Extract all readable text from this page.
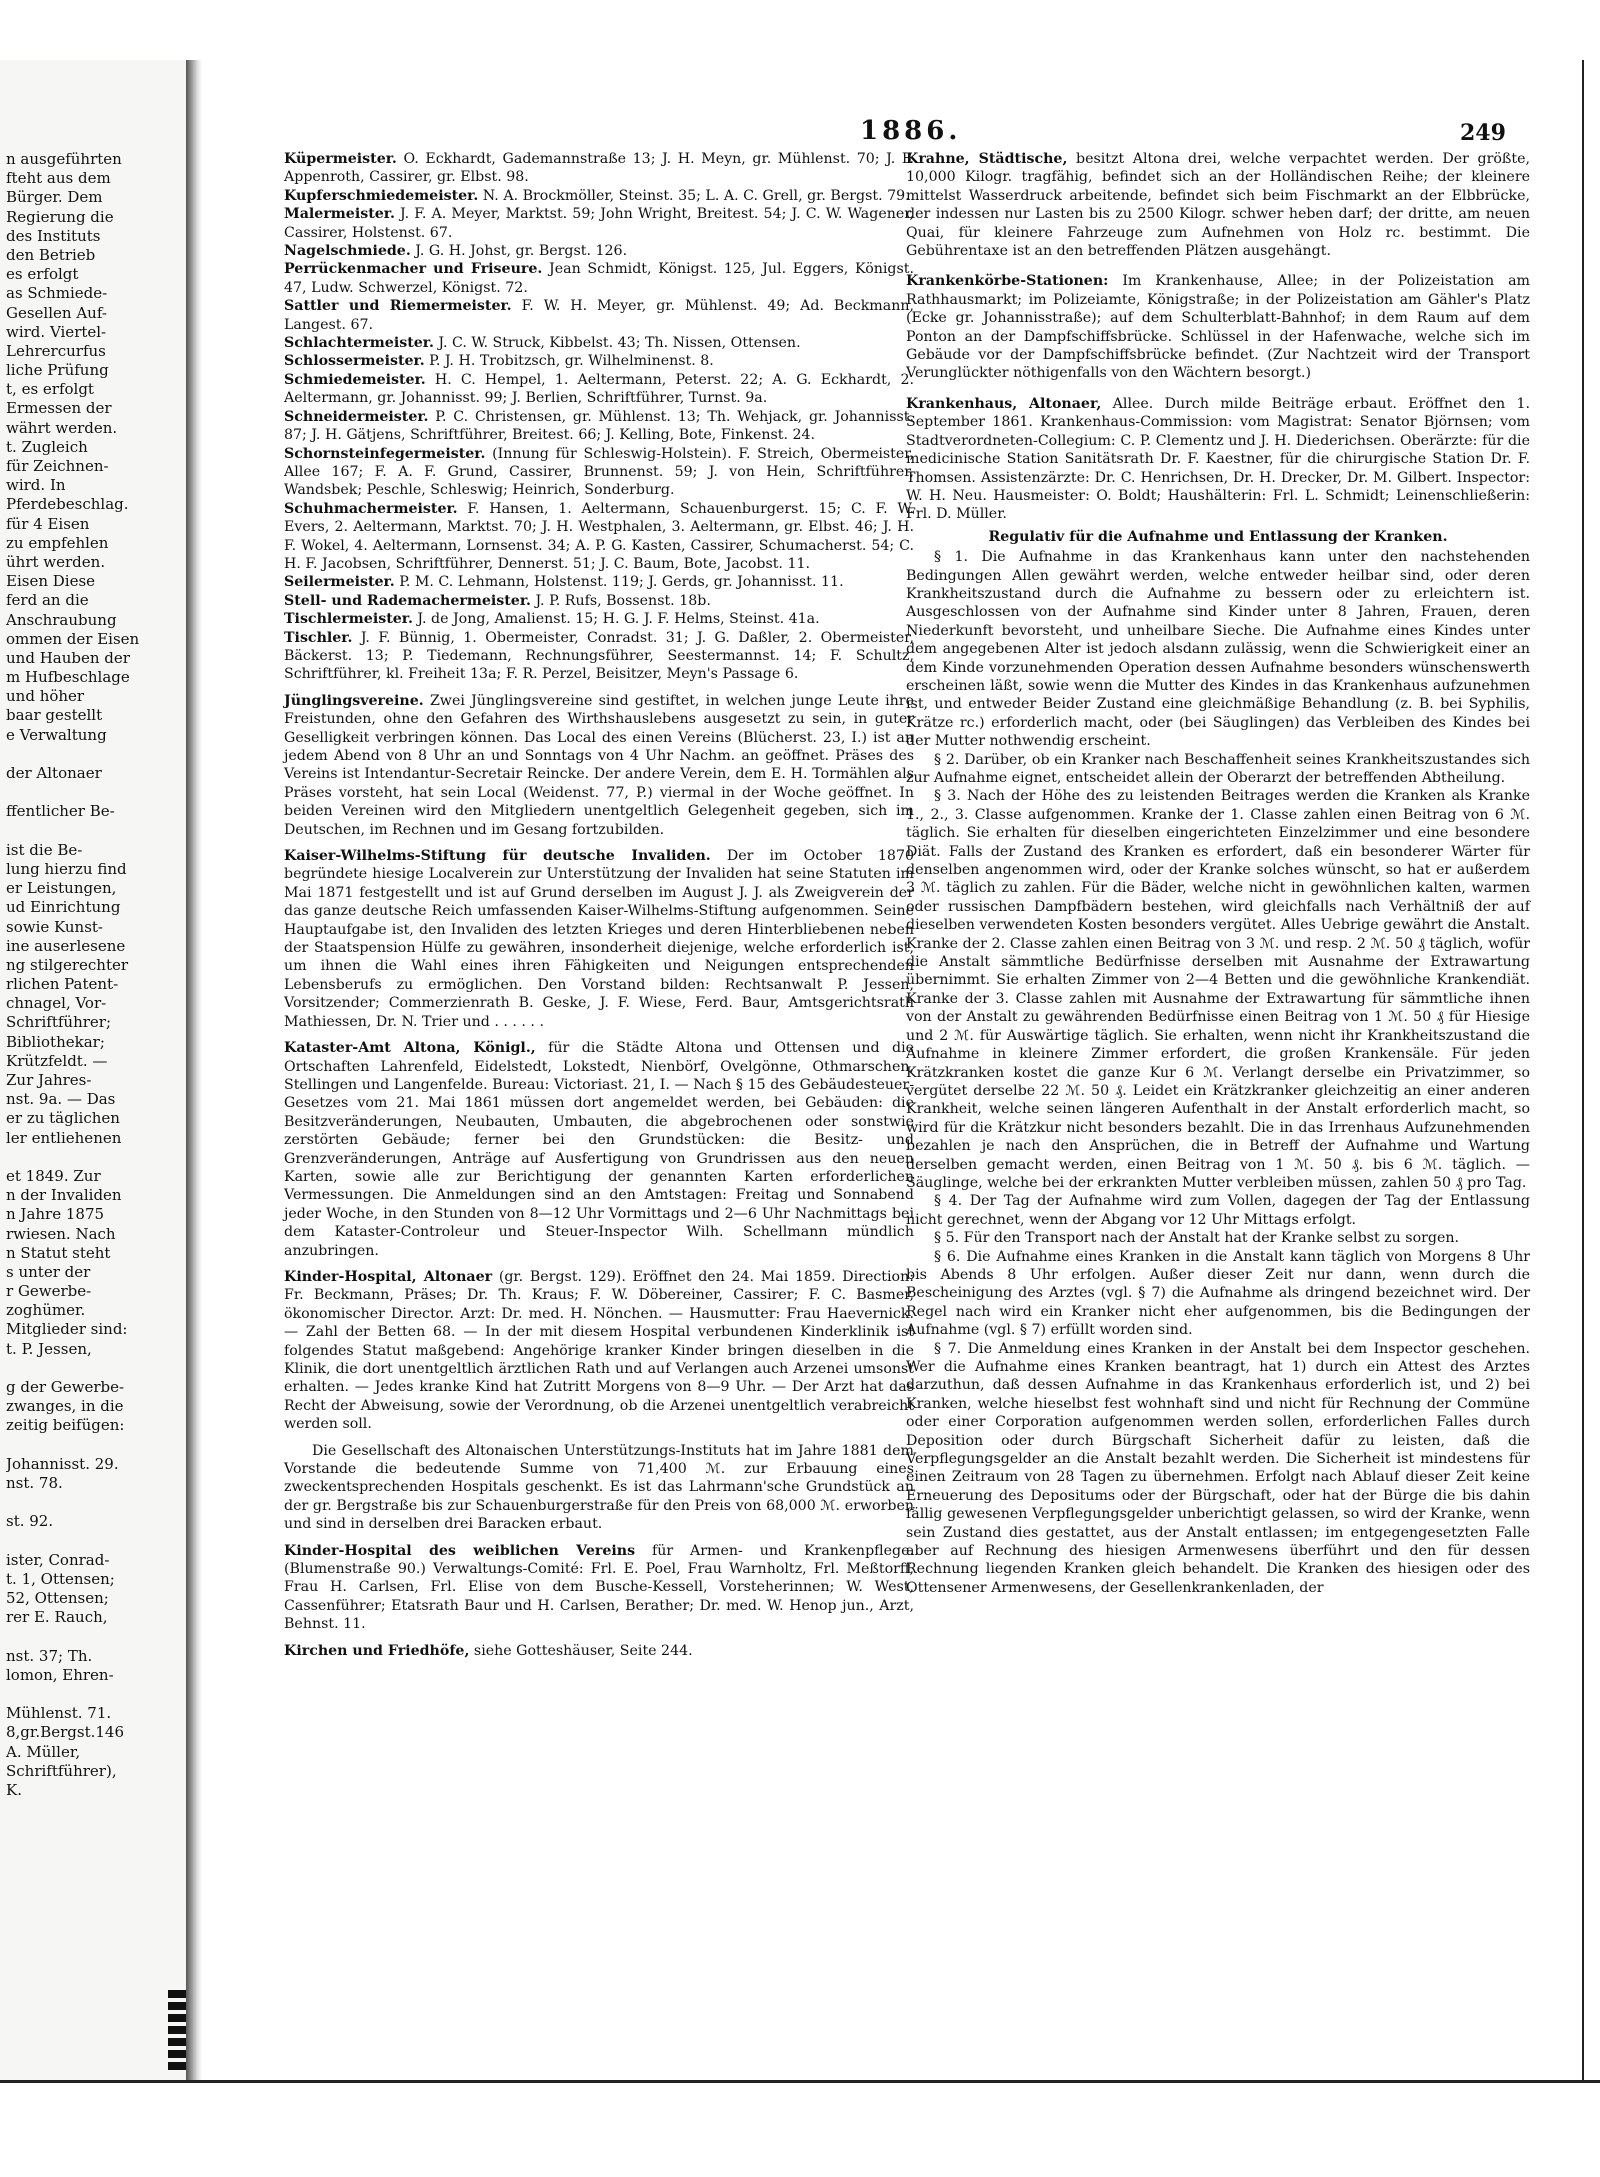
n ausgeführten
fteht aus dem
Bürger. Dem
Regierung die
des Instituts
den Betrieb
es erfolgt
as Schmiede-
Gesellen Auf-
wird. Viertel-
Lehrercurfus
liche Prüfung
t, es erfolgt
Ermessen der
währt werden.
t. Zugleich
für Zeichnen-
wird. In
Pferdebeschlag.
für 4 Eisen
zu empfehlen
ührt werden.
Eisen Diese
ferd an die
Anschraubung
ommen der Eisen
und Hauben der
m Hufbeschlage
und höher
baar gestellt
e Verwaltung
der Altonaer
ffentlicher Be-
ist die Be-
lung hierzu find
er Leistungen,
ud Einrichtung
sowie Kunst-
ine auserlesene
ng stilgerechter
rlichen Patent-
chnagel, Vor-
Schriftführer;
Bibliothekar;
Krützfeldt. —
Zur Jahres-
nst. 9a. — Das
er zu täglichen
ler entliehenen
et 1849. Zur
n der Invaliden
n Jahre 1875
rwiesen. Nach
n Statut steht
s unter der
r Gewerbe-
zoghümer.
Mitglieder sind:
t. P. Jessen,
g der Gewerbe-
zwanges, in die
zeitig beifügen:
Johannisst. 29.
nst. 78.
st. 92.
ister, Conrad-
t. 1, Ottensen;
52, Ottensen;
rer E. Rauch,
nst. 37; Th.
lomon, Ehren-
Mühlenst. 71.
8,gr.Bergst.146
A. Müller,
Schriftführer),
K.
1886.	249

Küpermeister. O. Eckhardt, Gademannstraße 13; J. H. Meyn, gr. Mühlenst. 70; J. F. Appenroth, Cassirer, gr. Elbst. 98.

Kupferschmiedemeister. N. A. Brockmöller, Steinst. 35; L. A. C. Grell, gr. Bergst. 79.

Malermeister. J. F. A. Meyer, Marktst. 59; John Wright, Breitest. 54; J. C. W. Wagener, Cassirer, Holstenst. 67.

Nagelschmiede. J. G. H. Johst, gr. Bergst. 126.

Perrückenmacher und Friseure. Jean Schmidt, Königst. 125, Jul. Eggers, Königst. 47, Ludw. Schwerzel, Königst. 72.

Sattler und Riemermeister. F. W. H. Meyer, gr. Mühlenst. 49; Ad. Beckmann, Langest. 67.

Schlachtermeister. J. C. W. Struck, Kibbelst. 43; Th. Nissen, Ottensen.

Schlossermeister. P. J. H. Trobitzsch, gr. Wilhelminenst. 8.

Schmiedemeister. H. C. Hempel, 1. Aeltermann, Peterst. 22; A. G. Eckhardt, 2. Aeltermann, gr. Johannisst. 99; J. Berlien, Schriftführer, Turnst. 9a.

Schneidermeister. P. C. Christensen, gr. Mühlenst. 13; Th. Wehjack, gr. Johannisst. 87; J. H. Gätjens, Schriftführer, Breitest. 66; J. Kelling, Bote, Finkenst. 24.

Schornsteinfegermeister. (Innung für Schleswig-Holstein). F. Streich, Obermeister, Allee 167; F. A. F. Grund, Cassirer, Brunnenst. 59; J. von Hein, Schriftführer, Wandsbek; Peschle, Schleswig; Heinrich, Sonderburg.

Schuhmachermeister. F. Hansen, 1. Aeltermann, Schauenburgerst. 15; C. F. W. Evers, 2. Aeltermann, Marktst. 70; J. H. Westphalen, 3. Aeltermann, gr. Elbst. 46; J. H. F. Wokel, 4. Aeltermann, Lornsenst. 34; A. P. G. Kasten, Cassirer, Schumacherst. 54; C. H. F. Jacobsen, Schriftführer, Dennerst. 51; J. C. Baum, Bote, Jacobst. 11.

Seilermeister. P. M. C. Lehmann, Holstenst. 119; J. Gerds, gr. Johannisst. 11.

Stell- und Rademachermeister. J. P. Rufs, Bossenst. 18b.

Tischlermeister. J. de Jong, Amalienst. 15; H. G. J. F. Helms, Steinst. 41a.

Tischler. J. F. Bünnig, 1. Obermeister, Conradst. 31; J. G. Daßler, 2. Obermeister, Bäckerst. 13; P. Tiedemann, Rechnungsführer, Seestermannst. 14; F. Schultz, Schriftführer, kl. Freiheit 13a; F. R. Perzel, Beisitzer, Meyn's Passage 6.

Jünglingsvereine. Zwei Jünglingsvereine sind gestiftet, in welchen junge Leute ihre Freistunden, ohne den Gefahren des Wirthshauslebens ausgesetzt zu sein, in guter Geselligkeit verbringen können. Das Local des einen Vereins (Blücherst. 23, I.) ist an jedem Abend von 8 Uhr an und Sonntags von 4 Uhr Nachm. an geöffnet. Präses des Vereins ist Intendantur-Secretair Reincke. Der andere Verein, dem E. H. Tormählen als Präses vorsteht, hat sein Local (Weidenst. 77, P.) viermal in der Woche geöffnet. In beiden Vereinen wird den Mitgliedern unentgeltlich Gelegenheit gegeben, sich im Deutschen, im Rechnen und im Gesang fortzubilden.

Kaiser-Wilhelms-Stiftung für deutsche Invaliden. Der im October 1870 begründete hiesige Localverein zur Unterstützung der Invaliden hat seine Statuten im Mai 1871 festgestellt und ist auf Grund derselben im August J. J. als Zweigverein der das ganze deutsche Reich umfassenden Kaiser-Wilhelms-Stiftung aufgenommen. Seine Hauptaufgabe ist, den Invaliden des letzten Krieges und deren Hinterbliebenen neben der Staatspension Hülfe zu gewähren, insonderheit diejenige, welche erforderlich ist, um ihnen die Wahl eines ihren Fähigkeiten und Neigungen entsprechenden Lebensberufs zu ermöglichen. Den Vorstand bilden: Rechtsanwalt P. Jessen, Vorsitzender; Commerzienrath B. Geske, J. F. Wiese, Ferd. Baur, Amtsgerichtsrath Mathiessen, Dr. N. Trier und . . . . . .

Kataster-Amt Altona, Königl., für die Städte Altona und Ottensen und die Ortschaften Lahrenfeld, Eidelstedt, Lokstedt, Nienbörf, Ovelgönne, Othmarschen, Stellingen und Langenfelde. Bureau: Victoriast. 21, I. — Nach § 15 des Gebäudesteuer-Gesetzes vom 21. Mai 1861 müssen dort angemeldet werden, bei Gebäuden: die Besitzveränderungen, Neubauten, Umbauten, die abgebrochenen oder sonstwie zerstörten Gebäude; ferner bei den Grundstücken: die Besitz- und Grenzveränderungen, Anträge auf Ausfertigung von Grundrissen aus den neuen Karten, sowie alle zur Berichtigung der genannten Karten erforderlichen Vermessungen. Die Anmeldungen sind an den Amtstagen: Freitag und Sonnabend jeder Woche, in den Stunden von 8—12 Uhr Vormittags und 2—6 Uhr Nachmittags bei dem Kataster-Controleur und Steuer-Inspector Wilh. Schellmann mündlich anzubringen.

Kinder-Hospital, Altonaer (gr. Bergst. 129). Eröffnet den 24. Mai 1859. Direction: Fr. Beckmann, Präses; Dr. Th. Kraus; F. W. Döbereiner, Cassirer; F. C. Basmer, ökonomischer Director. Arzt: Dr. med. H. Nönchen. — Hausmutter: Frau Haevernick. — Zahl der Betten 68. — In der mit diesem Hospital verbundenen Kinderklinik ist folgendes Statut maßgebend: Angehörige kranker Kinder bringen dieselben in die Klinik, die dort unentgeltlich ärztlichen Rath und auf Verlangen auch Arzenei umsonst erhalten. — Jedes kranke Kind hat Zutritt Morgens von 8—9 Uhr. — Der Arzt hat das Recht der Abweisung, sowie der Verordnung, ob die Arzenei unentgeltlich verabreicht werden soll.

Die Gesellschaft des Altonaischen Unterstützungs-Instituts hat im Jahre 1881 dem Vorstande die bedeutende Summe von 71,400 ℳ. zur Erbauung eines zweckentsprechenden Hospitals geschenkt. Es ist das Lahrmann'sche Grundstück an der gr. Bergstraße bis zur Schauenburgerstraße für den Preis von 68,000 ℳ. erworben und sind in derselben drei Baracken erbaut.

Kinder-Hospital des weiblichen Vereins für Armen- und Krankenpflege. (Blumenstraße 90.) Verwaltungs-Comité: Frl. E. Poel, Frau Warnholtz, Frl. Meßtorff, Frau H. Carlsen, Frl. Elise von dem Busche-Kessell, Vorsteherinnen; W. West, Cassenführer; Etatsrath Baur und H. Carlsen, Berather; Dr. med. W. Henop jun., Arzt, Behnst. 11.

Kirchen und Friedhöfe, siehe Gotteshäuser, Seite 244.

Krahne, Städtische, besitzt Altona drei, welche verpachtet werden. Der größte, 10,000 Kilogr. tragfähig, befindet sich an der Holländischen Reihe; der kleinere mittelst Wasserdruck arbeitende, befindet sich beim Fischmarkt an der Elbbrücke, der indessen nur Lasten bis zu 2500 Kilogr. schwer heben darf; der dritte, am neuen Quai, für kleinere Fahrzeuge zum Aufnehmen von Holz rc. bestimmt. Die Gebührentaxe ist an den betreffenden Plätzen ausgehängt.

Krankenkörbe-Stationen: Im Krankenhause, Allee; in der Polizeistation am Rathhausmarkt; im Polizeiamte, Königstraße; in der Polizeistation am Gähler's Platz (Ecke gr. Johannisstraße); auf dem Schulterblatt-Bahnhof; in dem Raum auf dem Ponton an der Dampfschiffsbrücke. Schlüssel in der Hafenwache, welche sich im Gebäude vor der Dampfschiffsbrücke befindet. (Zur Nachtzeit wird der Transport Verunglückter nöthigenfalls von den Wächtern besorgt.)

Krankenhaus, Altonaer, Allee. Durch milde Beiträge erbaut. Eröffnet den 1. September 1861. Krankenhaus-Commission: vom Magistrat: Senator Björnsen; vom Stadtverordneten-Collegium: C. P. Clementz und J. H. Diederichsen. Oberärzte: für die medicinische Station Sanitätsrath Dr. F. Kaestner, für die chirurgische Station Dr. F. Thomsen. Assistenzärzte: Dr. C. Henrichsen, Dr. H. Drecker, Dr. M. Gilbert. Inspector: W. H. Neu. Hausmeister: O. Boldt; Haushälterin: Frl. L. Schmidt; Leinenschließerin: Frl. D. Müller.

Regulativ für die Aufnahme und Entlassung der Kranken.

§ 1. Die Aufnahme in das Krankenhaus kann unter den nachstehenden Bedingungen Allen gewährt werden, welche entweder heilbar sind, oder deren Krankheitszustand durch die Aufnahme zu bessern oder zu erleichtern ist. Ausgeschlossen von der Aufnahme sind Kinder unter 8 Jahren, Frauen, deren Niederkunft bevorsteht, und unheilbare Sieche. Die Aufnahme eines Kindes unter dem angegebenen Alter ist jedoch alsdann zulässig, wenn die Schwierigkeit einer an dem Kinde vorzunehmenden Operation dessen Aufnahme besonders wünschenswerth erscheinen läßt, sowie wenn die Mutter des Kindes in das Krankenhaus aufzunehmen ist, und entweder Beider Zustand eine gleichmäßige Behandlung (z. B. bei Syphilis, Krätze rc.) erforderlich macht, oder (bei Säuglingen) das Verbleiben des Kindes bei der Mutter nothwendig erscheint.

§ 2. Darüber, ob ein Kranker nach Beschaffenheit seines Krankheitszustandes sich zur Aufnahme eignet, entscheidet allein der Oberarzt der betreffenden Abtheilung.

§ 3. Nach der Höhe des zu leistenden Beitrages werden die Kranken als Kranke 1., 2., 3. Classe aufgenommen. Kranke der 1. Classe zahlen einen Beitrag von 6 ℳ. täglich. Sie erhalten für dieselben eingerichteten Einzelzimmer und eine besondere Diät. Falls der Zustand des Kranken es erfordert, daß ein besonderer Wärter für denselben angenommen wird, oder der Kranke solches wünscht, so hat er außerdem 3 ℳ. täglich zu zahlen. Für die Bäder, welche nicht in gewöhnlichen kalten, warmen oder russischen Dampfbädern bestehen, wird gleichfalls nach Verhältniß der auf dieselben verwendeten Kosten besonders vergütet. Alles Uebrige gewährt die Anstalt. Kranke der 2. Classe zahlen einen Beitrag von 3 ℳ. und resp. 2 ℳ. 50 ₰ täglich, wofür die Anstalt sämmtliche Bedürfnisse derselben mit Ausnahme der Extrawartung übernimmt. Sie erhalten Zimmer von 2—4 Betten und die gewöhnliche Krankendiät. Kranke der 3. Classe zahlen mit Ausnahme der Extrawartung für sämmtliche ihnen von der Anstalt zu gewährenden Bedürfnisse einen Beitrag von 1 ℳ. 50 ₰ für Hiesige und 2 ℳ. für Auswärtige täglich. Sie erhalten, wenn nicht ihr Krankheitszustand die Aufnahme in kleinere Zimmer erfordert, die großen Krankensäle. Für jeden Krätzkranken kostet die ganze Kur 6 ℳ. Verlangt derselbe ein Privatzimmer, so vergütet derselbe 22 ℳ. 50 ₰. Leidet ein Krätzkranker gleichzeitig an einer anderen Krankheit, welche seinen längeren Aufenthalt in der Anstalt erforderlich macht, so wird für die Krätzkur nicht besonders bezahlt. Die in das Irrenhaus Aufzunehmenden bezahlen je nach den Ansprüchen, die in Betreff der Aufnahme und Wartung derselben gemacht werden, einen Beitrag von 1 ℳ. 50 ₰. bis 6 ℳ. täglich. — Säuglinge, welche bei der erkrankten Mutter verbleiben müssen, zahlen 50 ₰ pro Tag.

§ 4. Der Tag der Aufnahme wird zum Vollen, dagegen der Tag der Entlassung nicht gerechnet, wenn der Abgang vor 12 Uhr Mittags erfolgt.

§ 5. Für den Transport nach der Anstalt hat der Kranke selbst zu sorgen.

§ 6. Die Aufnahme eines Kranken in die Anstalt kann täglich von Morgens 8 Uhr bis Abends 8 Uhr erfolgen. Außer dieser Zeit nur dann, wenn durch die Bescheinigung des Arztes (vgl. § 7) die Aufnahme als dringend bezeichnet wird. Der Regel nach wird ein Kranker nicht eher aufgenommen, bis die Bedingungen der Aufnahme (vgl. § 7) erfüllt worden sind.

§ 7. Die Anmeldung eines Kranken in der Anstalt bei dem Inspector geschehen. Wer die Aufnahme eines Kranken beantragt, hat 1) durch ein Attest des Arztes darzuthun, daß dessen Aufnahme in das Krankenhaus erforderlich ist, und 2) bei Kranken, welche hieselbst fest wohnhaft sind und nicht für Rechnung der Commüne oder einer Corporation aufgenommen werden sollen, erforderlichen Falles durch Deposition oder durch Bürgschaft Sicherheit dafür zu leisten, daß die Verpflegungsgelder an die Anstalt bezahlt werden. Die Sicherheit ist mindestens für einen Zeitraum von 28 Tagen zu übernehmen. Erfolgt nach Ablauf dieser Zeit keine Erneuerung des Depositums oder der Bürgschaft, oder hat der Bürge die bis dahin fällig gewesenen Verpflegungsgelder unberichtigt gelassen, so wird der Kranke, wenn sein Zustand dies gestattet, aus der Anstalt entlassen; im entgegengesetzten Falle aber auf Rechnung des hiesigen Armenwesens überführt und den für dessen Rechnung liegenden Kranken gleich behandelt. Die Kranken des hiesigen oder des Ottensener Armenwesens, der Gesellenkrankenladen, der
